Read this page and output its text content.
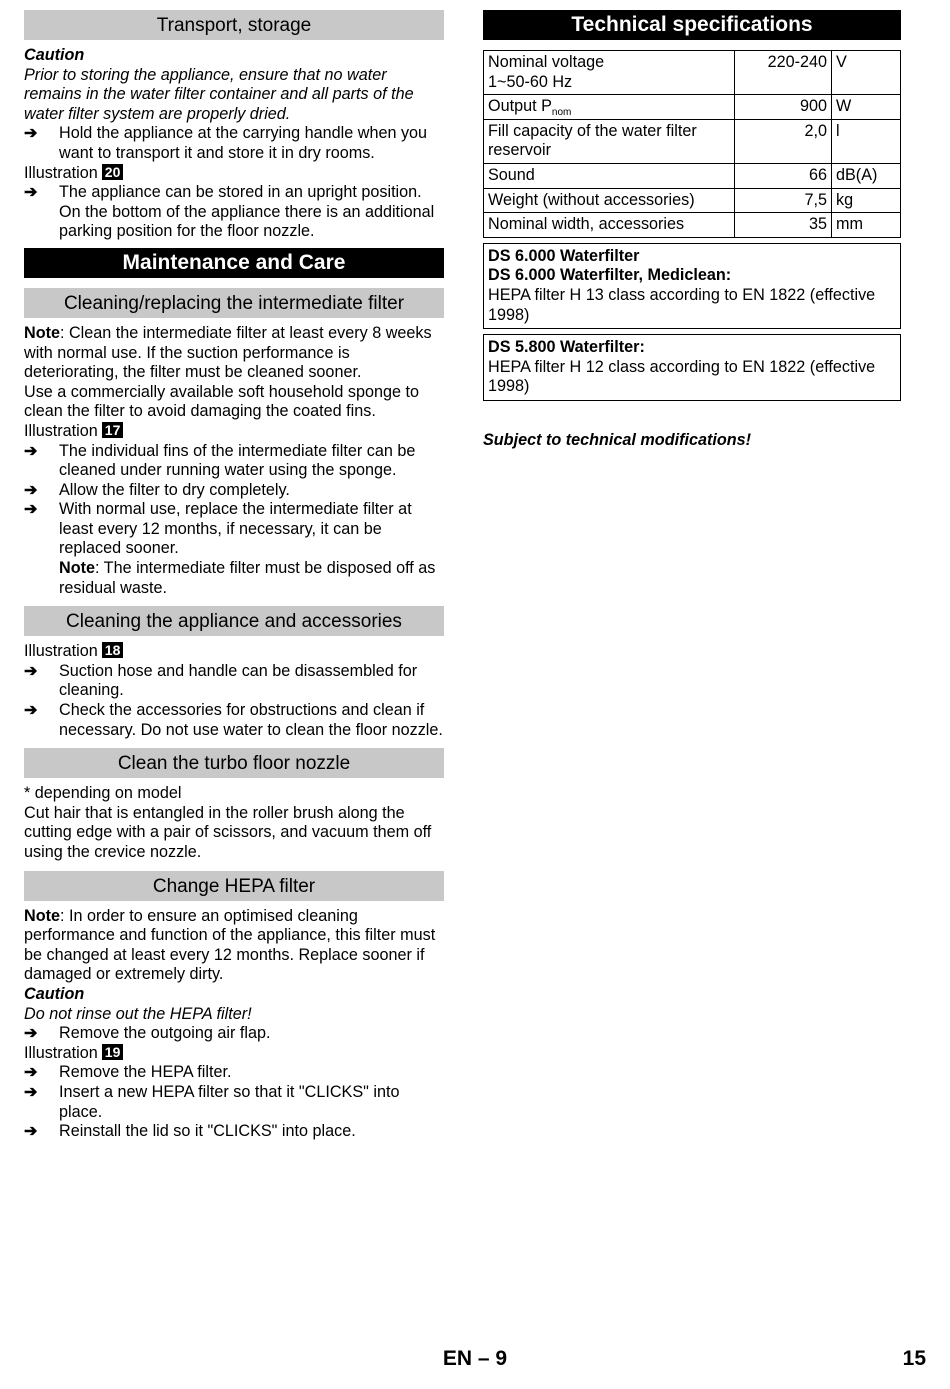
Transport, storage

Caution

Prior to storing the appliance, ensure that no water remains in the water filter container and all parts of the water filter system are properly dried.

➔	Hold the appliance at the carrying handle when you want to transport it and store it in dry rooms.

Illustration 20

➔	The appliance can be stored in an upright position. On the bottom of the appliance there is an additional parking position for the floor nozzle.
Maintenance and Care
Cleaning/replacing the intermediate filter

Note: Clean the intermediate filter at least every 8 weeks with normal use. If the suction performance is deteriorating, the filter must be cleaned sooner.

Use a commercially available soft household sponge to clean the filter to avoid damaging the coated fins.

Illustration 17

➔	The individual fins of the intermediate filter can be cleaned under running water using the sponge.
➔	Allow the filter to dry completely.
➔	With normal use, replace the intermediate filter at least every 12 months, if necessary, it can be replaced sooner.
Note: The intermediate filter must be disposed off as residual waste.
Cleaning the appliance and accessories

Illustration 18

➔	Suction hose and handle can be disassembled for cleaning.
➔	Check the accessories for obstructions and clean if necessary. Do not use water to clean the floor nozzle.
Clean the turbo floor nozzle

* depending on model

Cut hair that is entangled in the roller brush along the cutting edge with a pair of scissors, and vacuum them off using the crevice nozzle.

Change HEPA filter

Note: In order to ensure an optimised cleaning performance and function of the appliance, this filter must be changed at least every 12 months. Replace sooner if damaged or extremely dirty.

Caution

Do not rinse out the HEPA filter!

➔	Remove the outgoing air flap.

Illustration 19

➔	Remove the HEPA filter.
➔	Insert a new HEPA filter so that it "CLICKS" into place.
➔	Reinstall the lid so it "CLICKS" into place.
Technical specifications
Nominal voltage
1~50-60 Hz	220-240	V
Output $P_{nom}$	900	W
Fill capacity of the water filter reservoir	2,0	l
Sound	66	dB(A)
Weight (without accessories)	7,5	kg
Nominal width, accessories	35	mm

DS 6.000 Waterfilter

DS 6.000 Waterfilter, Mediclean:

HEPA filter H 13 class according to EN 1822 (effective 1998)

DS 5.800 Waterfilter:

HEPA filter H 12 class according to EN 1822 (effective 1998)

Subject to technical modifications!

EN – 9	15
